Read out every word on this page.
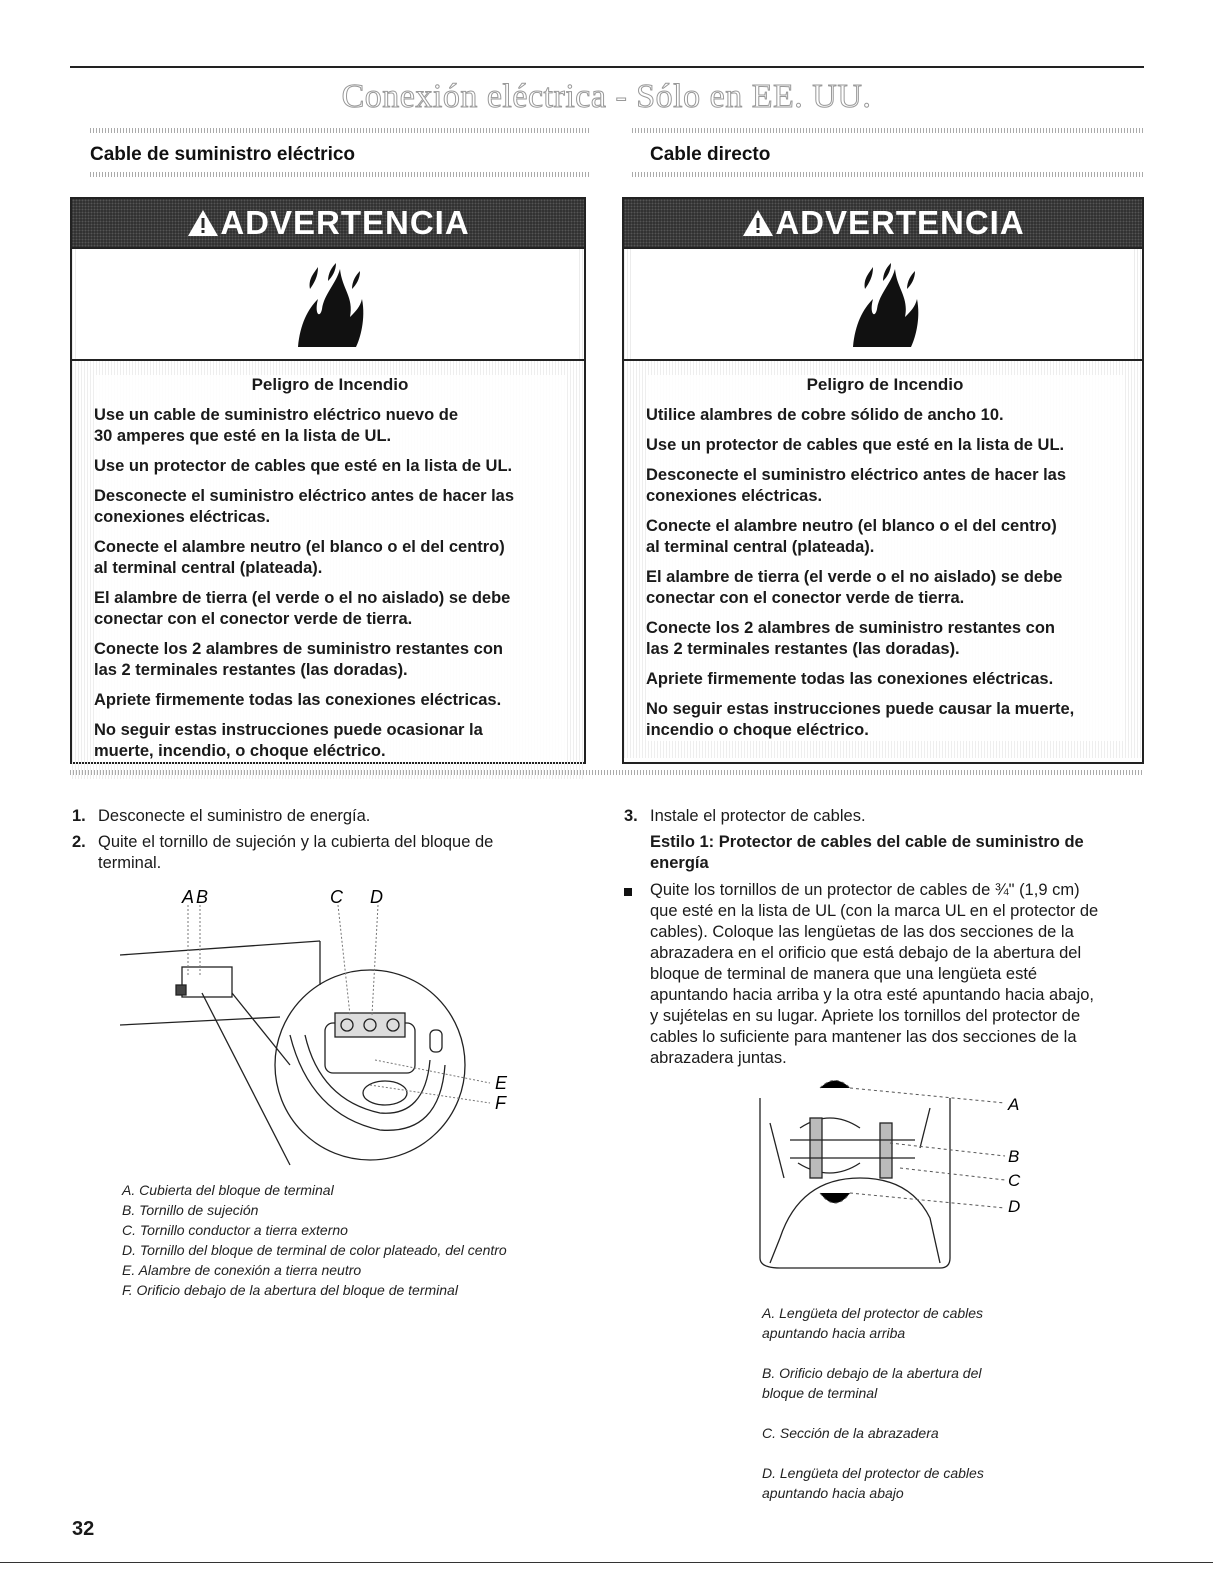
Conexión eléctrica - Sólo en EE. UU.
Cable de suministro eléctrico	Cable directo
ADVERTENCIA
Peligro de Incendio
Use un cable de suministro eléctrico nuevo de
30 amperes que esté en la lista de UL.
Use un protector de cables que esté en la lista de UL.
Desconecte el suministro eléctrico antes de hacer las
conexiones eléctricas.
Conecte el alambre neutro (el blanco o el del centro)
al terminal central (plateada).
El alambre de tierra (el verde o el no aislado) se debe
conectar con el conector verde de tierra.
Conecte los 2 alambres de suministro restantes con
las 2 terminales restantes (las doradas).
Apriete firmemente todas las conexiones eléctricas.
No seguir estas instrucciones puede ocasionar la
muerte, incendio, o choque eléctrico.
ADVERTENCIA
Peligro de Incendio
Utilice alambres de cobre sólido de ancho 10.
Use un protector de cables que esté en la lista de UL.
Desconecte el suministro eléctrico antes de hacer las
conexiones eléctricas.
Conecte el alambre neutro (el blanco o el del centro)
al terminal central (plateada).
El alambre de tierra (el verde o el no aislado) se debe
conectar con el conector verde de tierra.
Conecte los 2 alambres de suministro restantes con
las 2 terminales restantes (las doradas).
Apriete firmemente todas las conexiones eléctricas.
No seguir estas instrucciones puede causar la muerte,
incendio o choque eléctrico.
1. Desconecte el suministro de energía.
2. Quite el tornillo de sujeción y la cubierta del bloque de
terminal.
A B	C D
E
F
A. Cubierta del bloque de terminal
B. Tornillo de sujeción
C. Tornillo conductor a tierra externo
D. Tornillo del bloque de terminal de color plateado, del centro
E. Alambre de conexión a tierra neutro
F. Orificio debajo de la abertura del bloque de terminal
3. Instale el protector de cables.
Estilo 1: Protector de cables del cable de suministro de
energía
Quite los tornillos de un protector de cables de ¾" (1,9 cm)
que esté en la lista de UL (con la marca UL en el protector de
cables). Coloque las lengüetas de las dos secciones de la
abrazadera en el orificio que está debajo de la abertura del
bloque de terminal de manera que una lengüeta esté
apuntando hacia arriba y la otra esté apuntando hacia abajo,
y sujételas en su lugar. Apriete los tornillos del protector de
cables lo suficiente para mantener las dos secciones de la
abrazadera juntas.
A
B
C
D

A. Lengüeta del protector de cables
apuntando hacia arriba

B. Orificio debajo de la abertura del
bloque de terminal

C. Sección de la abrazadera

D. Lengüeta del protector de cables
apuntando hacia abajo

32
